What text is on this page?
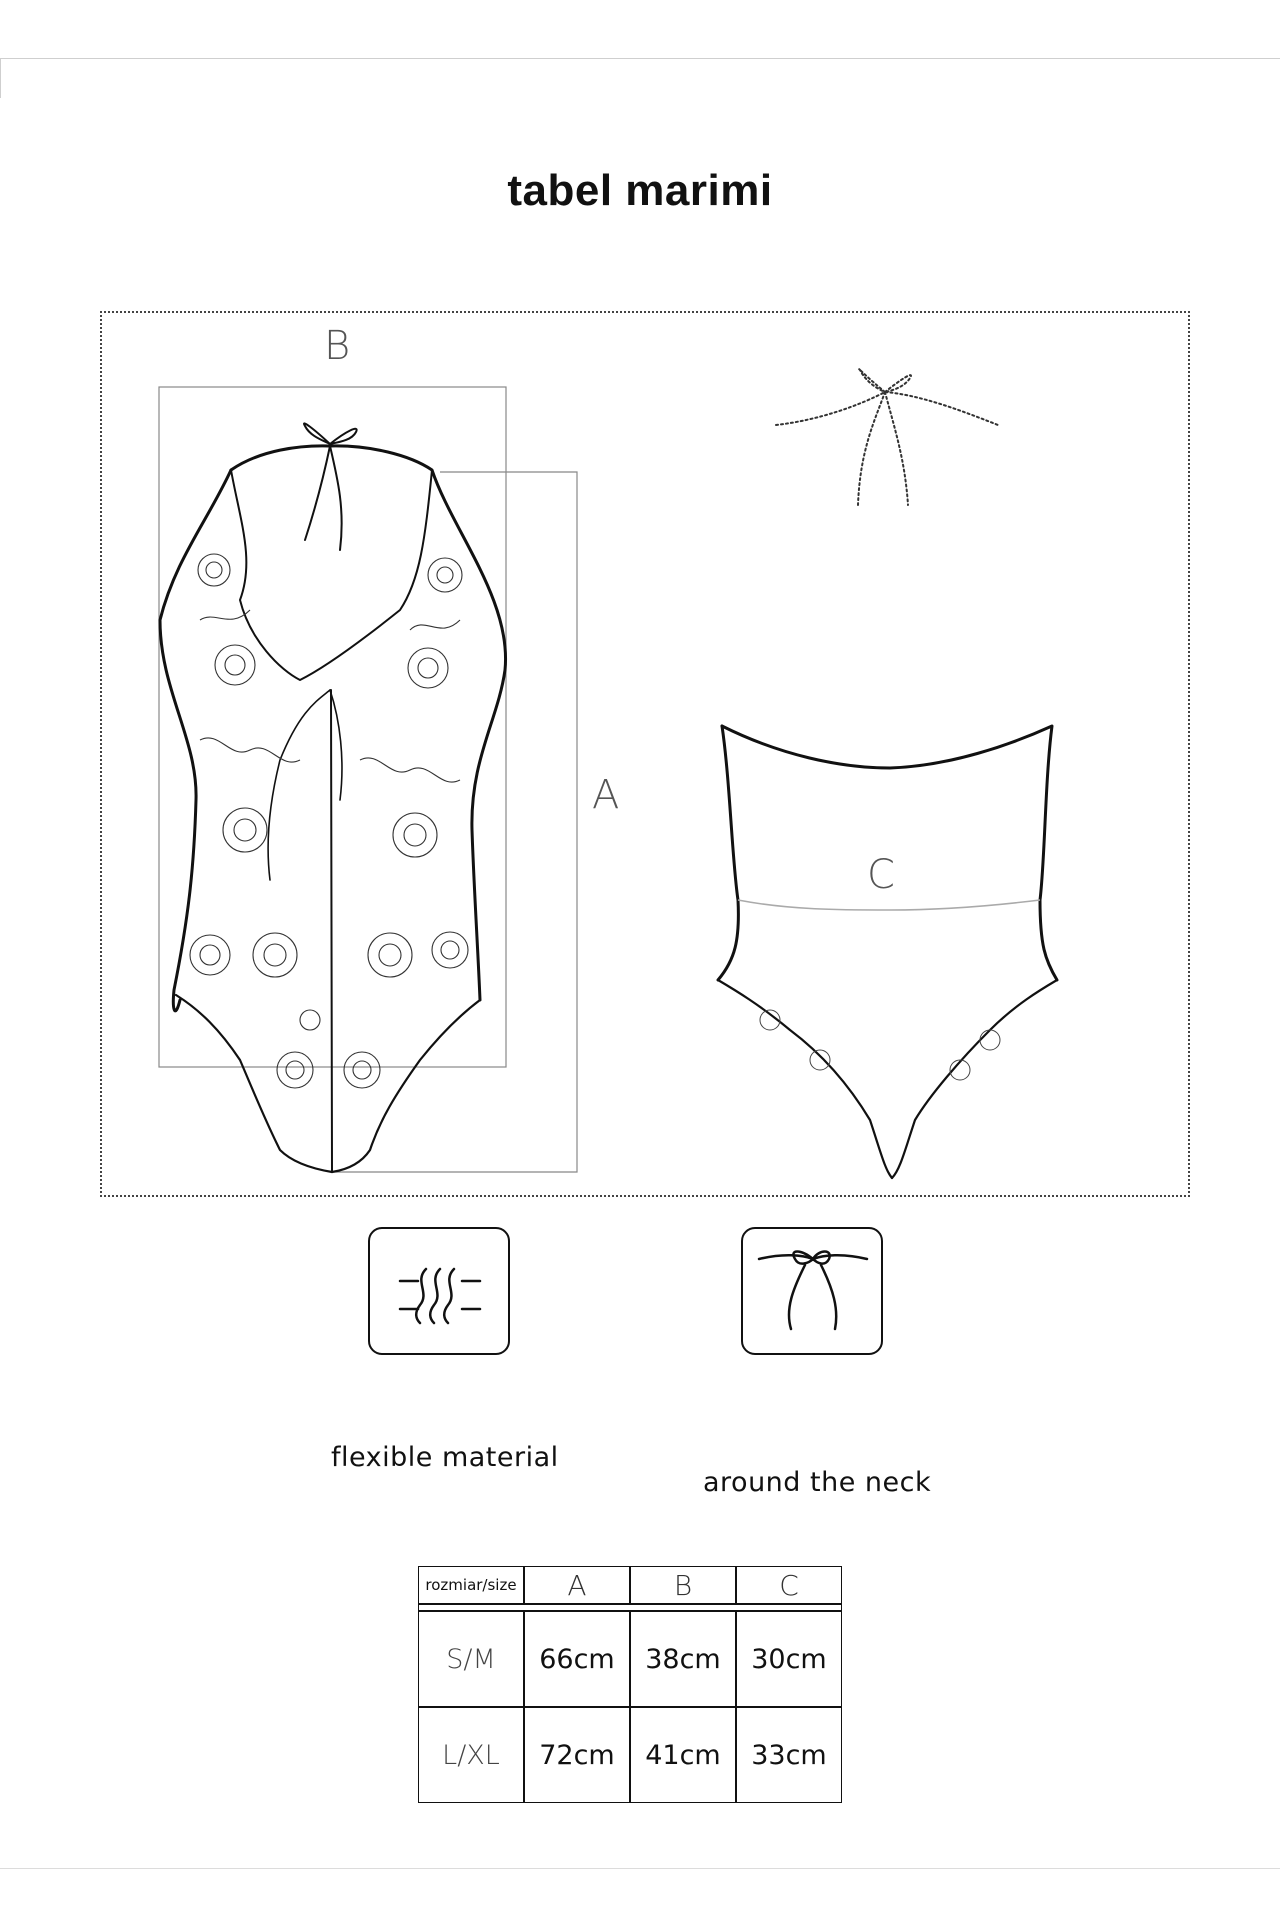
tabel marimi
B
A
C
flexible material
around the neck
rozmiar/size	A	B	C

S/M	66cm	38cm	30cm
L/XL	72cm	41cm	33cm
